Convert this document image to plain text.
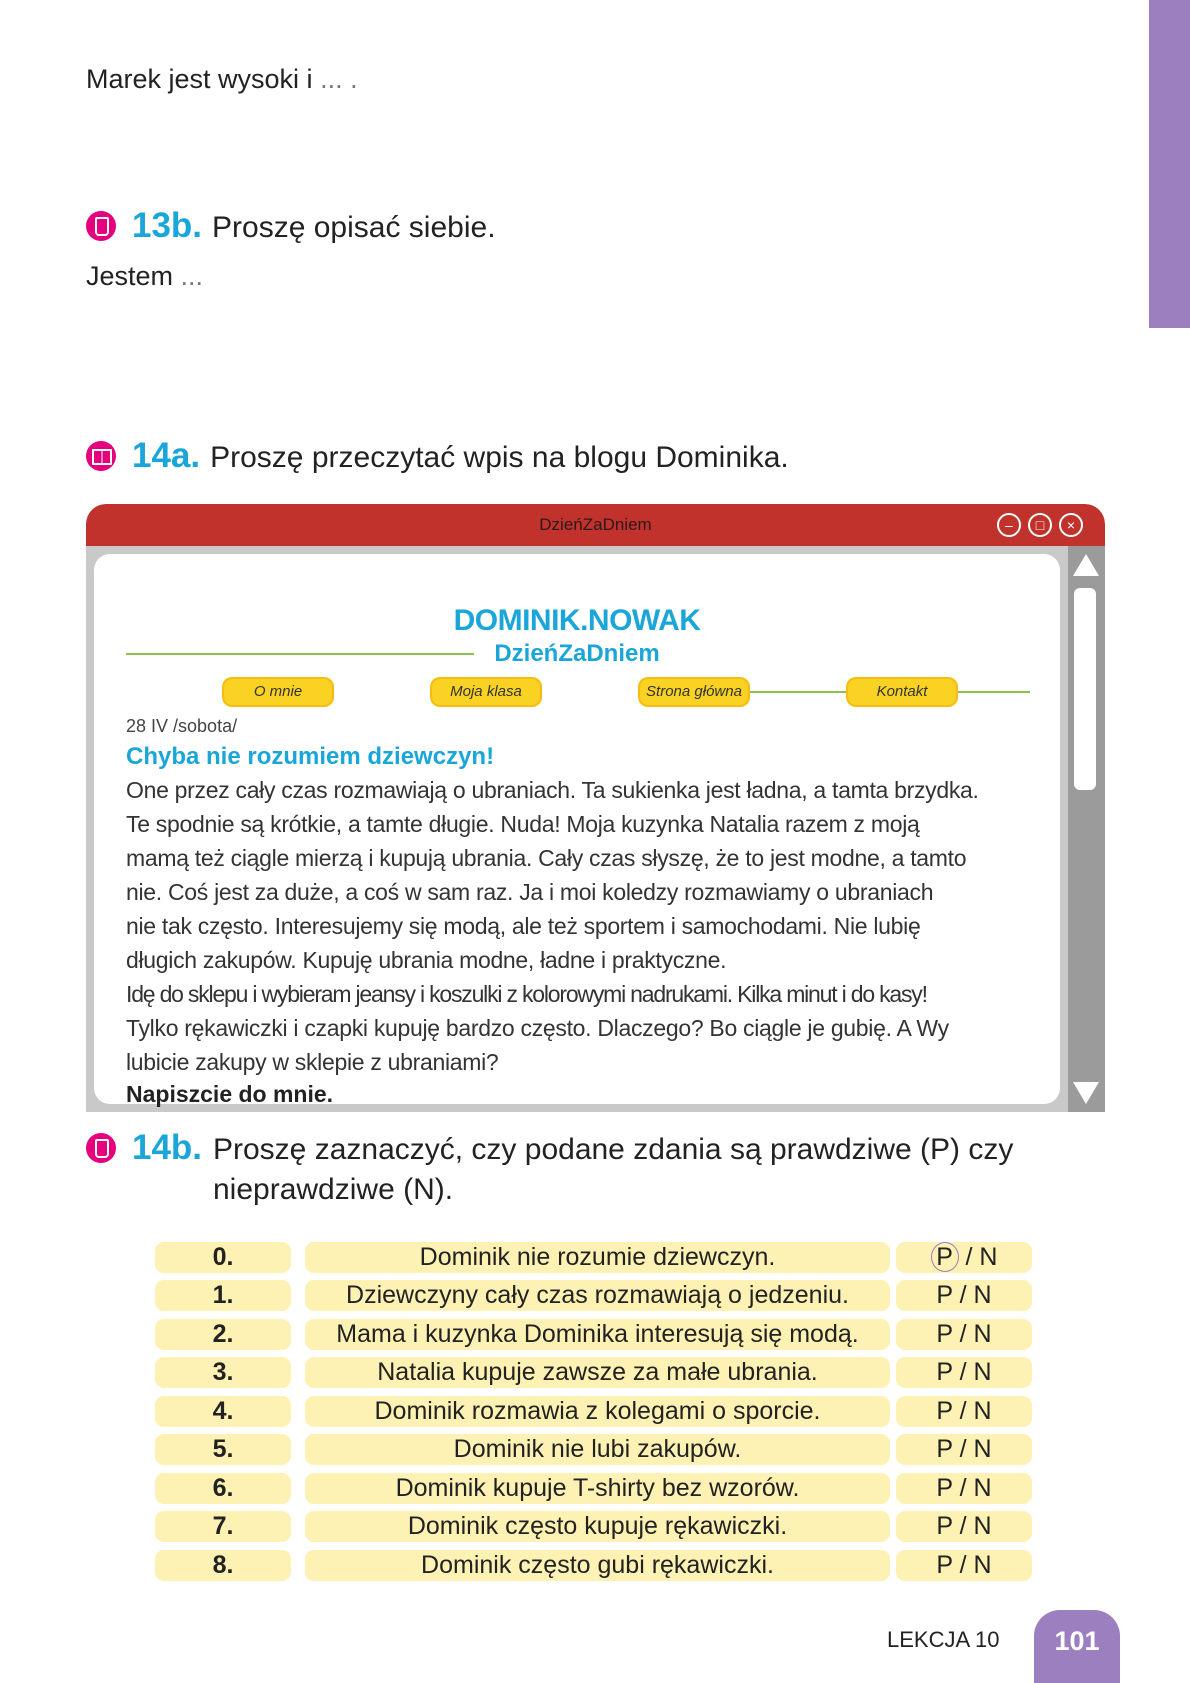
Marek jest wysoki i ... .
13b. Proszę opisać siebie.
Jestem ...
14a. Proszę przeczytać wpis na blogu Dominika.
DzieńZaDniem	–	□	×
DOMINIK.NOWAK
DzieńZaDniem
O mnie	Moja klasa	Strona główna	Kontakt
28 IV /sobota/
Chyba nie rozumiem dziewczyn!

One przez cały czas rozmawiają o ubraniach. Ta sukienka jest ładna, a tamta brzydka.

Te spodnie są krótkie, a tamte długie. Nuda! Moja kuzynka Natalia razem z moją

mamą też ciągle mierzą i kupują ubrania. Cały czas słyszę, że to jest modne, a tamto

nie. Coś jest za duże, a coś w sam raz. Ja i moi koledzy rozmawiamy o ubraniach

nie tak często. Interesujemy się modą, ale też sportem i samochodami. Nie lubię

długich zakupów. Kupuję ubrania modne, ładne i praktyczne.

Idę do sklepu i wybieram jeansy i koszulki z kolorowymi nadrukami. Kilka minut i do kasy!

Tylko rękawiczki i czapki kupuję bardzo często. Dlaczego? Bo ciągle je gubię. A Wy

lubicie zakupy w sklepie z ubraniami?

Napiszcie do mnie.
14b. Proszę zaznaczyć, czy podane zdania są prawdziwe (P) czy nieprawdziwe (N).
0.	Dominik nie rozumie dziewczyn.	P / N
1.	Dziewczyny cały czas rozmawiają o jedzeniu.	P / N
2.	Mama i kuzynka Dominika interesują się modą.	P / N
3.	Natalia kupuje zawsze za małe ubrania.	P / N
4.	Dominik rozmawia z kolegami o sporcie.	P / N
5.	Dominik nie lubi zakupów.	P / N
6.	Dominik kupuje T-shirty bez wzorów.	P / N
7.	Dominik często kupuje rękawiczki.	P / N
8.	Dominik często gubi rękawiczki.	P / N
LEKCJA 10	101
